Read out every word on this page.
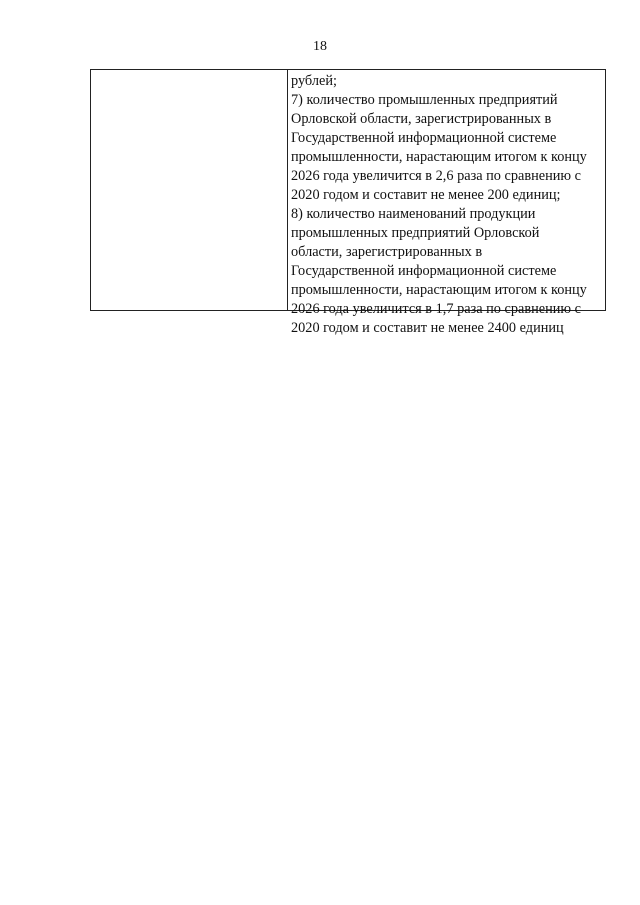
18
рублей;
7) количество промышленных предприятий
Орловской области, зарегистрированных в
Государственной информационной системе
промышленности, нарастающим итогом к концу
2026 года увеличится в 2,6 раза по сравнению с
2020 годом и составит не менее 200 единиц;
8) количество наименований продукции
промышленных предприятий Орловской
области, зарегистрированных в
Государственной информационной системе
промышленности, нарастающим итогом к концу
2026 года увеличится в 1,7 раза по сравнению с
2020 годом и составит не менее 2400 единиц
